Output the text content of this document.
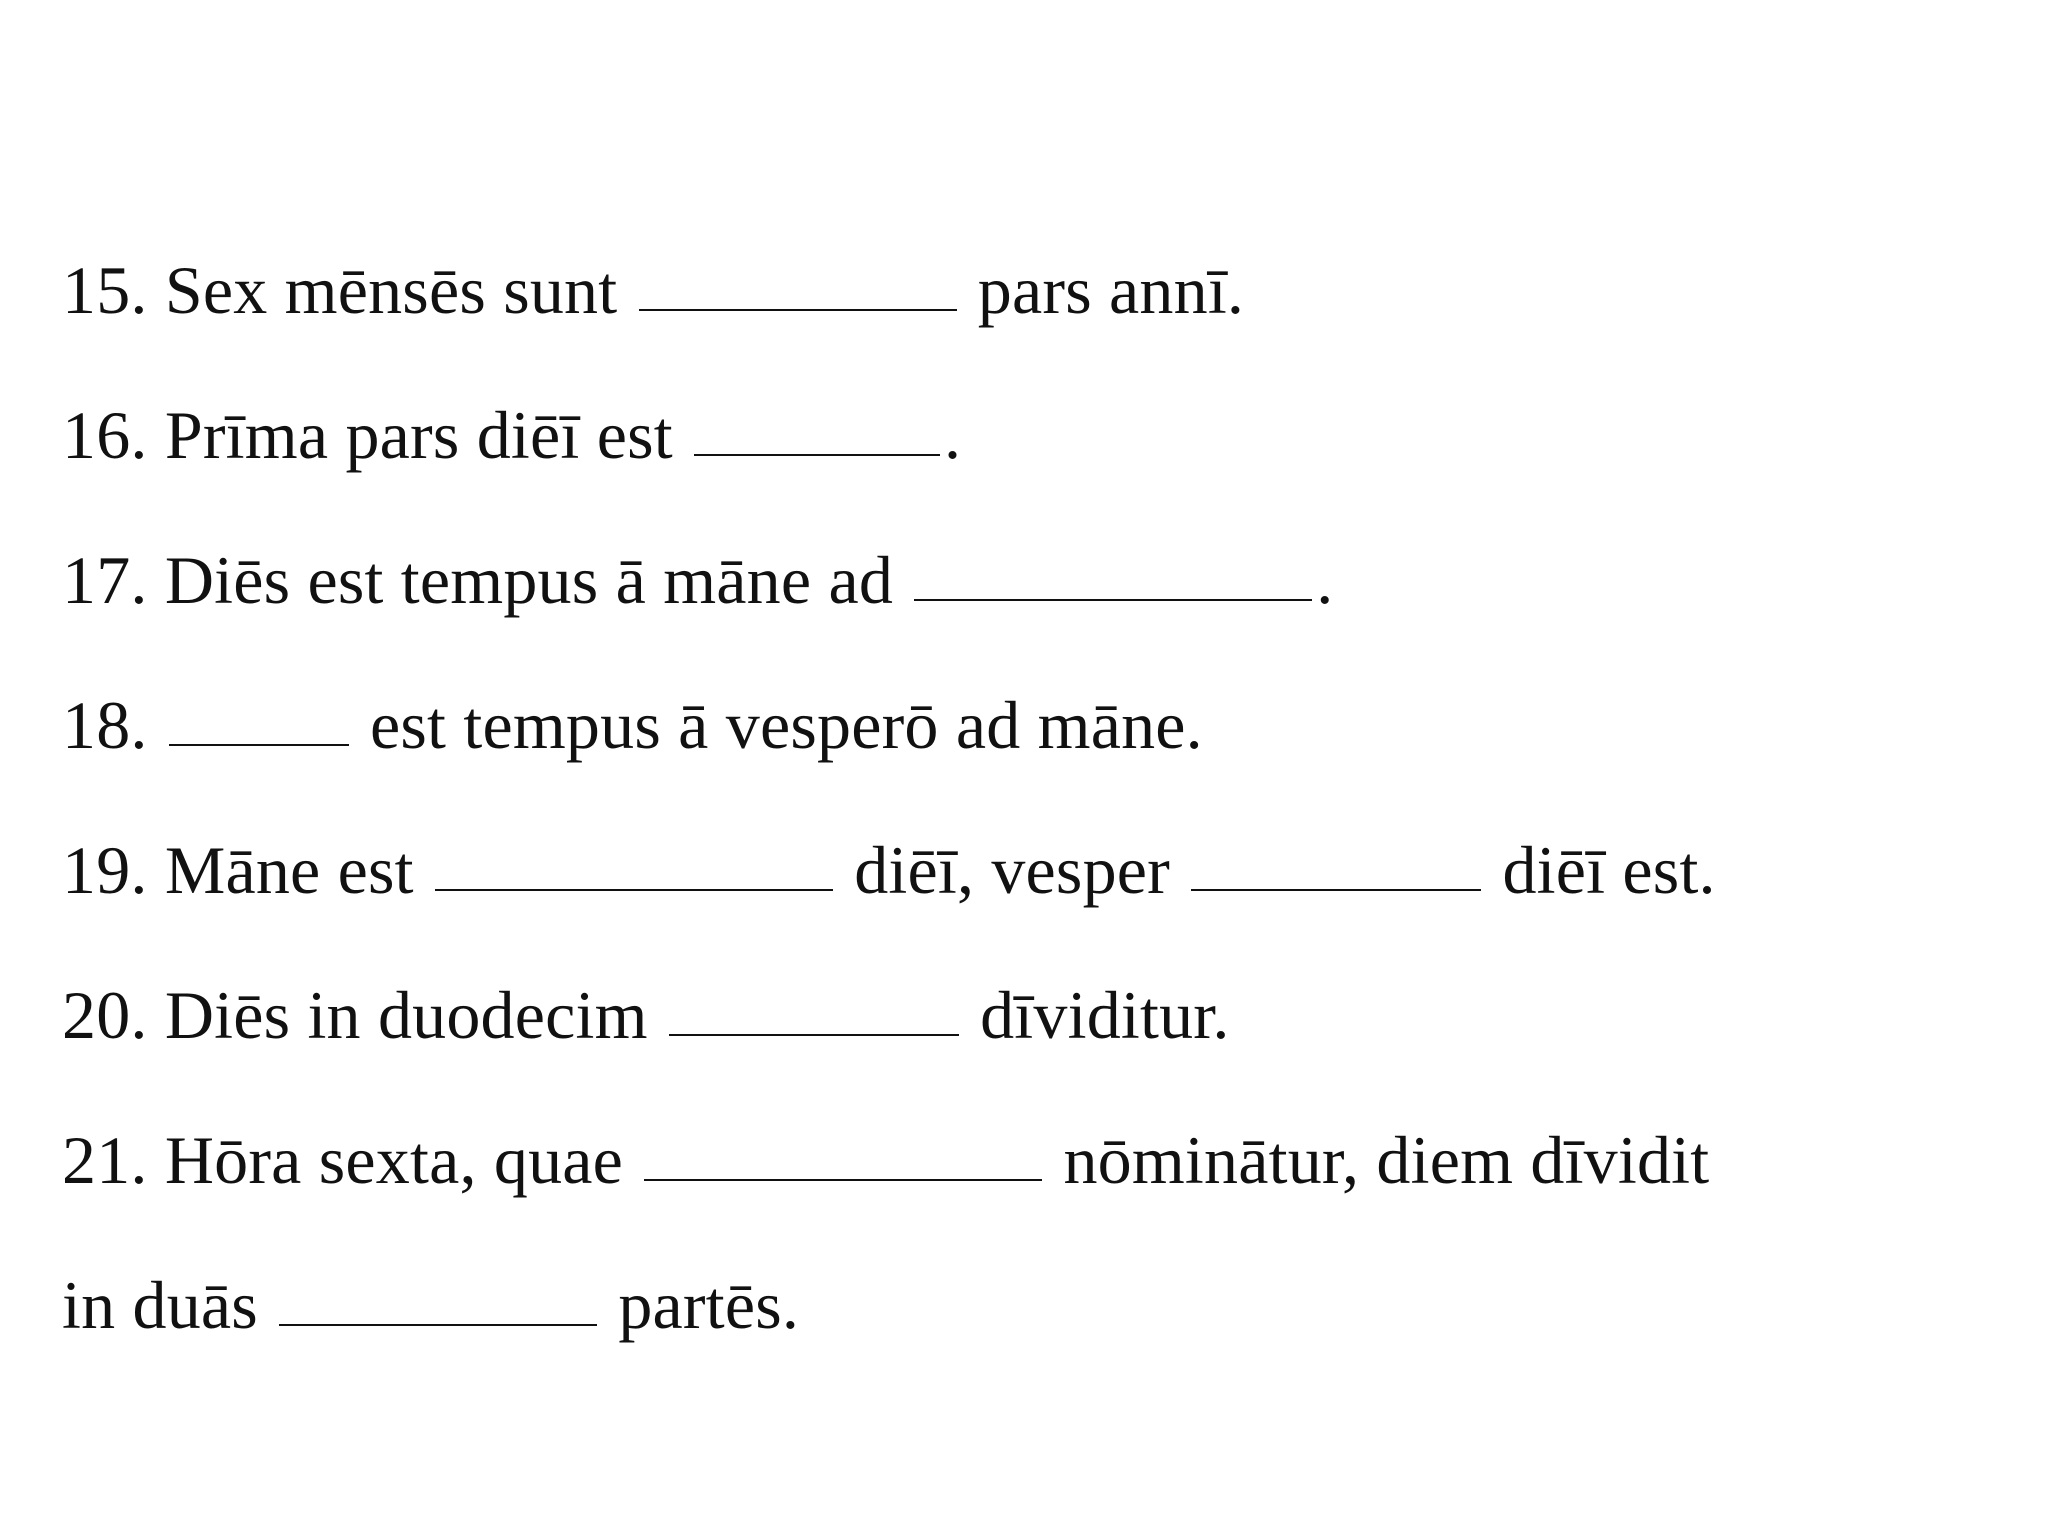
15. Sex mēnsēs sunt	pars annī.
16. Prīma pars diēī est	.
17. Diēs est tempus ā māne ad	.
18.	est tempus ā vesperō ad māne.
19. Māne est	diēī, vesper	diēī est.
20. Diēs in duodecim	dīviditur.
21. Hōra sexta, quae	nōminātur, diem dīvidit
in duās	partēs.
